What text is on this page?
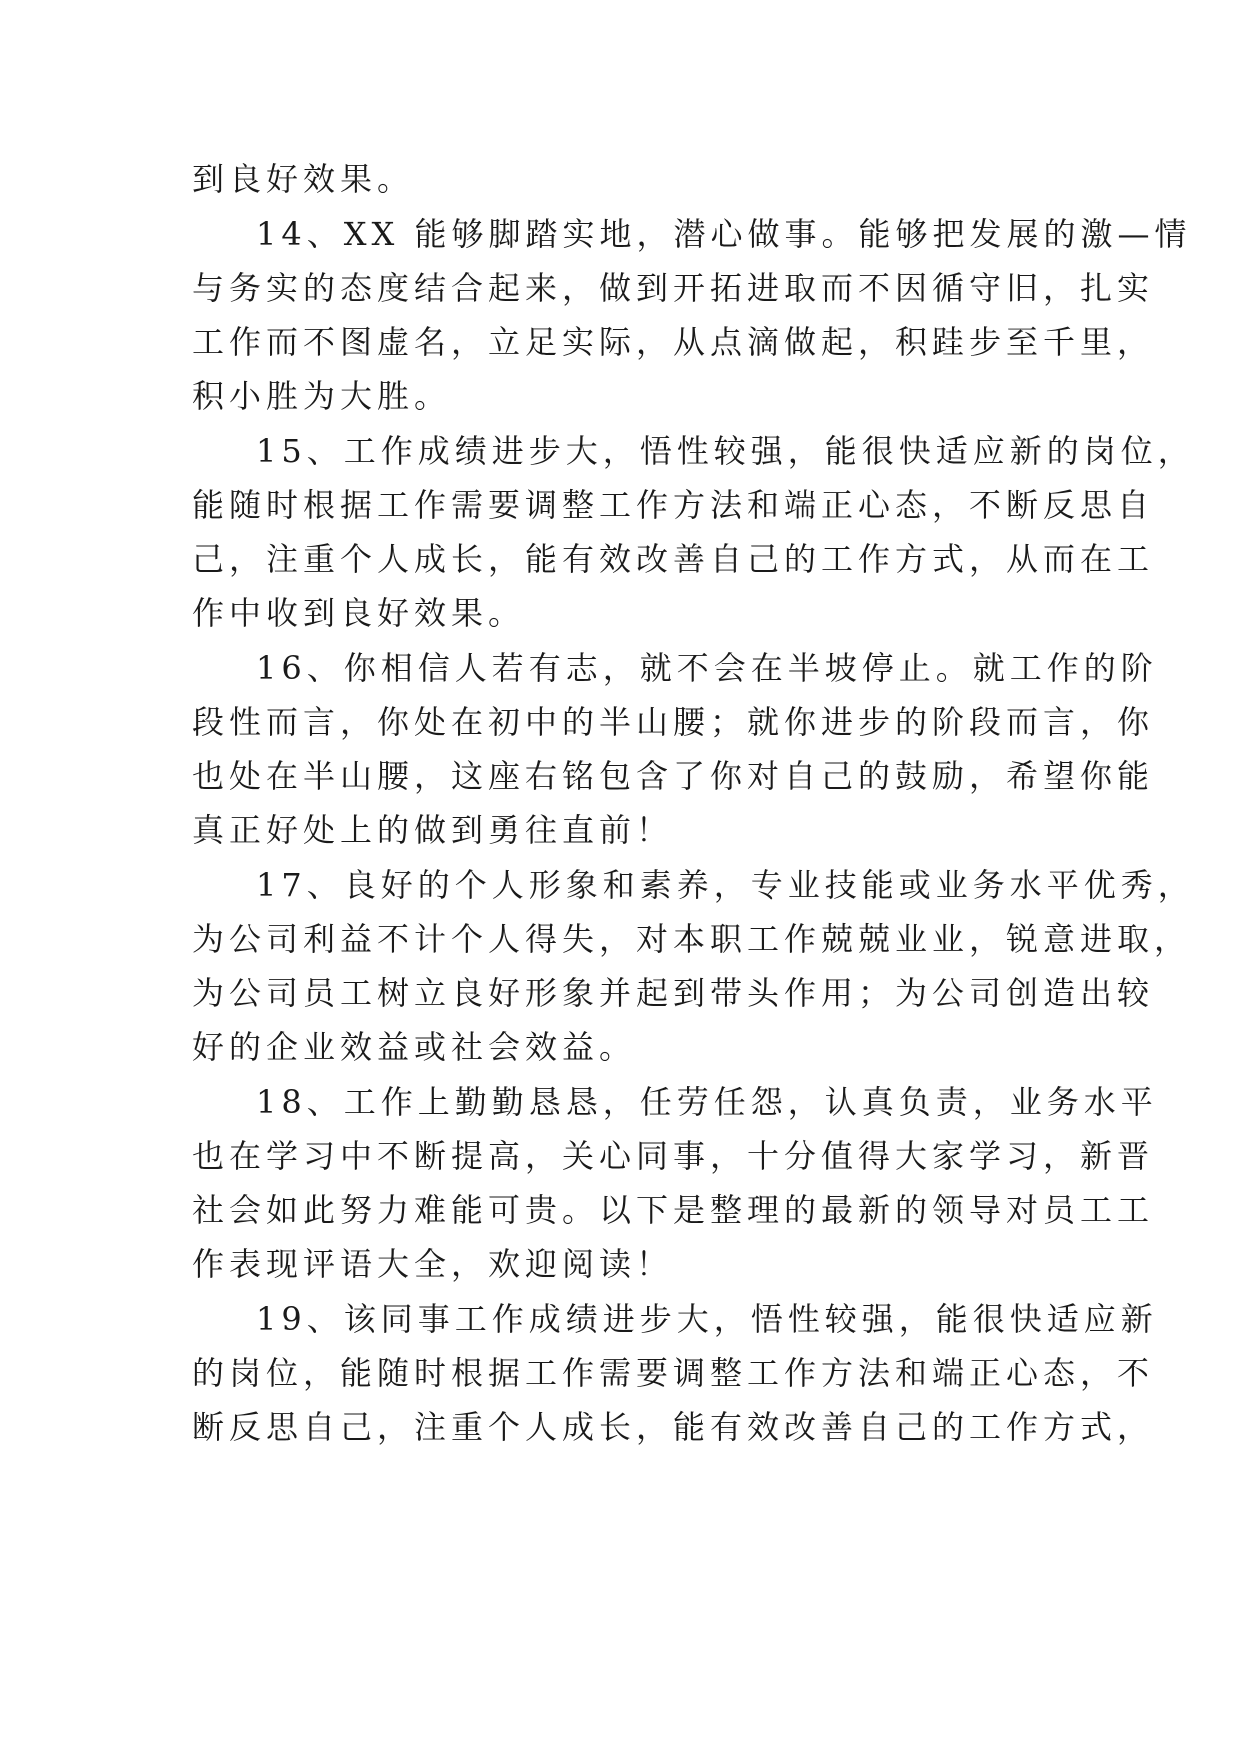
到良好效果。
14、XX 能够脚踏实地，潜心做事。能够把发展的激—情
与务实的态度结合起来，做到开拓进取而不因循守旧，扎实
工作而不图虚名，立足实际，从点滴做起，积跬步至千里，
积小胜为大胜。
15、工作成绩进步大，悟性较强，能很快适应新的岗位，
能随时根据工作需要调整工作方法和端正心态，不断反思自
己，注重个人成长，能有效改善自己的工作方式，从而在工
作中收到良好效果。
16、你相信人若有志，就不会在半坡停止。就工作的阶
段性而言，你处在初中的半山腰；就你进步的阶段而言，你
也处在半山腰，这座右铭包含了你对自己的鼓励，希望你能
真正好处上的做到勇往直前！
17、良好的个人形象和素养，专业技能或业务水平优秀，
为公司利益不计个人得失，对本职工作兢兢业业，锐意进取，
为公司员工树立良好形象并起到带头作用；为公司创造出较
好的企业效益或社会效益。
18、工作上勤勤恳恳，任劳任怨，认真负责，业务水平
也在学习中不断提高，关心同事，十分值得大家学习，新晋
社会如此努力难能可贵。以下是整理的最新的领导对员工工
作表现评语大全，欢迎阅读！
19、该同事工作成绩进步大，悟性较强，能很快适应新
的岗位，能随时根据工作需要调整工作方法和端正心态，不
断反思自己，注重个人成长，能有效改善自己的工作方式，
